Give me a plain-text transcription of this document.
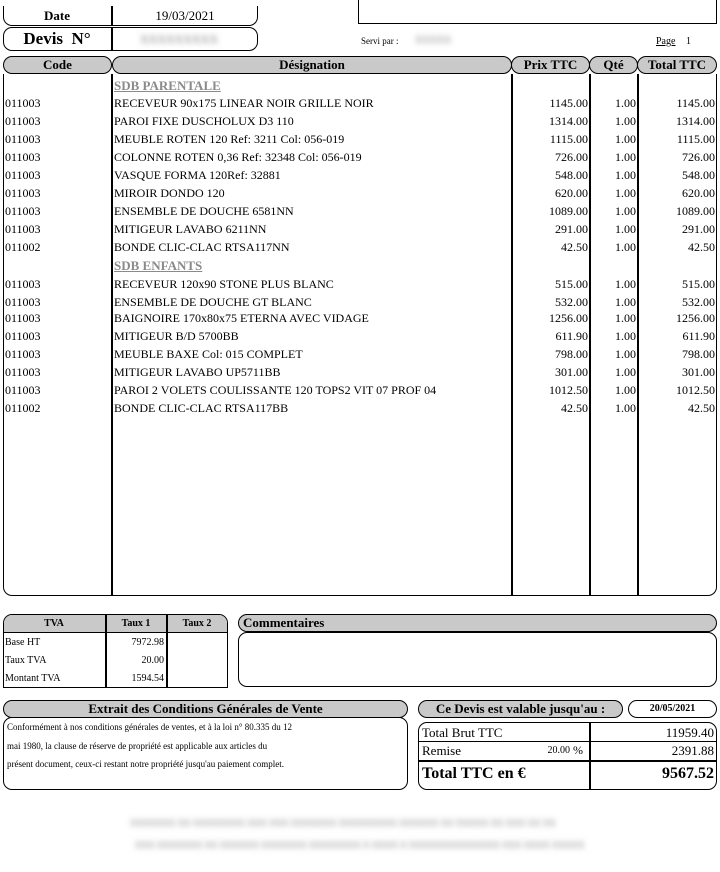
Date	19/03/2021
Devis  N°	XXXXXXXXX	Servi par : XXXXX	Page 1
Code	Désignation	Prix TTC	Qté	Total TTC
SDB PARENTALE
011003	RECEVEUR 90x175 LINEAR NOIR GRILLE NOIR	1145.00 1.00	1145.00
011003	PAROI FIXE DUSCHOLUX D3 110	1314.00 1.00	1314.00
011003	MEUBLE ROTEN 120 Ref: 3211 Col: 056-019	1115.00 1.00	1115.00
011003	COLONNE ROTEN 0,36 Ref: 32348 Col: 056-019	726.00 1.00	726.00
011003	VASQUE FORMA 120Ref: 32881	548.00 1.00	548.00
011003	MIROIR DONDO 120	620.00 1.00	620.00
011003	ENSEMBLE DE DOUCHE 6581NN	1089.00 1.00	1089.00
011003	MITIGEUR LAVABO 6211NN	291.00 1.00	291.00
011002	BONDE CLIC-CLAC RTSA117NN	42.50 1.00	42.50
SDB ENFANTS
011003	RECEVEUR 120x90 STONE PLUS BLANC	515.00 1.00	515.00
011003	ENSEMBLE DE DOUCHE GT BLANC	532.00 1.00	532.00
011003	BAIGNOIRE 170x80x75 ETERNA AVEC VIDAGE	1256.00 1.00	1256.00
011003	MITIGEUR B/D 5700BB	611.90 1.00	611.90
011003	MEUBLE BAXE Col: 015 COMPLET	798.00 1.00	798.00
011003	MITIGEUR LAVABO UP5711BB	301.00 1.00	301.00
011003	PAROI 2 VOLETS COULISSANTE 120 TOPS2 VIT 07 PROF 04	1012.50 1.00	1012.50
011002	BONDE CLIC-CLAC RTSA117BB	42.50 1.00	42.50
TVA	Taux 1	Taux 2
Base HT	7972.98
Taux TVA	20.00
Montant TVA	1594.54
Commentaires
Extrait des Conditions Générales de Vente
Conformément à nos conditions générales de ventes, et à la loi n° 80.335 du 12
mai 1980, la clause de réserve de propriété est applicable aux articles du
présent document, ceux-ci restant notre propriété jusqu'au paiement complet.
Ce Devis est valable jusqu'au :	20/05/2021
Total Brut TTC	11959.40
Remise	20.00 %	2391.88
Total TTC en €	9567.52
XXXXXXX XX XXXXXXXX XXX XXX XXXXXXX XXXXXXXXX XXXXXX XX XXXXX XX XXX XX XX
XXX XXXXXXX XX XXXXXX XXXXXXX XXXXXXXX X XXXX X XXXXXXXXXXXXXX XXX XXXX XXXXX
